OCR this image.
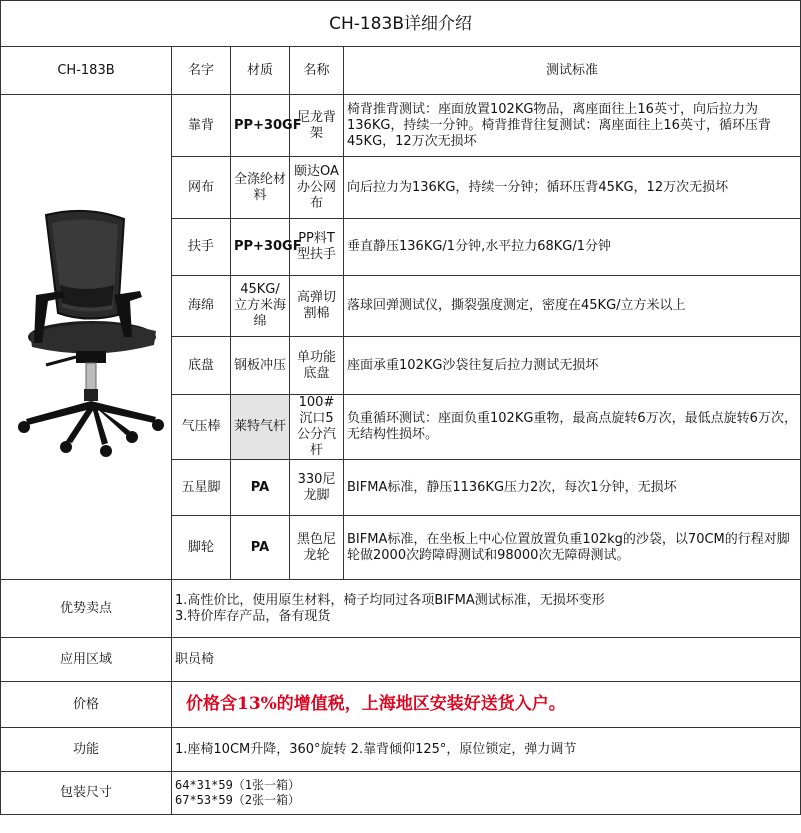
CH-183B详细介绍				
CH-183B	名字	材质	名称	测试标准
	靠背	PP+30GF	尼龙背架	椅背推背测试：座面放置102KG物品，离座面往上16英寸，向后拉力为136KG，持续一分钟。椅背推背往复测试：离座面往上16英寸，循环压背45KG，12万次无损坏
	网布	全涤纶材料	颐达OA办公网布	向后拉力为136KG，持续一分钟；循环压背45KG，12万次无损坏
	扶手	PP+30GF	PP料T型扶手	垂直静压136KG/1分钟,水平拉力68KG/1分钟
	海绵	45KG/立方米海绵	高弹切割棉	落球回弹测试仪，撕裂强度测定，密度在45KG/立方米以上
	底盘	钢板冲压	单功能底盘	座面承重102KG沙袋往复后拉力测试无损坏
	气压棒	莱特气杆	100#沉口5公分汽杆	负重循环测试：座面负重102KG重物，最高点旋转6万次，最低点旋转6万次，无结构性损坏。
	五星脚	PA	330尼龙脚	BIFMA标准，静压1136KG压力2次，每次1分钟，无损坏
	脚轮	PA	黑色尼龙轮	BIFMA标准，在坐板上中心位置放置负重102kg的沙袋，以70CM的行程对脚轮做2000次跨障碍测试和98000次无障碍测试。
优势卖点	1.高性价比，使用原生材料，椅子均同过各项BIFMA测试标准，无损坏变形
3.特价库存产品，备有现货			

应用区域	职员椅			
价格	价格含13%的增值税，上海地区安装好送货入户。			
功能	1.座椅10CM升降，360°旋转 2.靠背倾仰125°，原位锁定，弹力调节			
包装尺寸	64*31*59（1张一箱）
67*53*59（2张一箱）			
